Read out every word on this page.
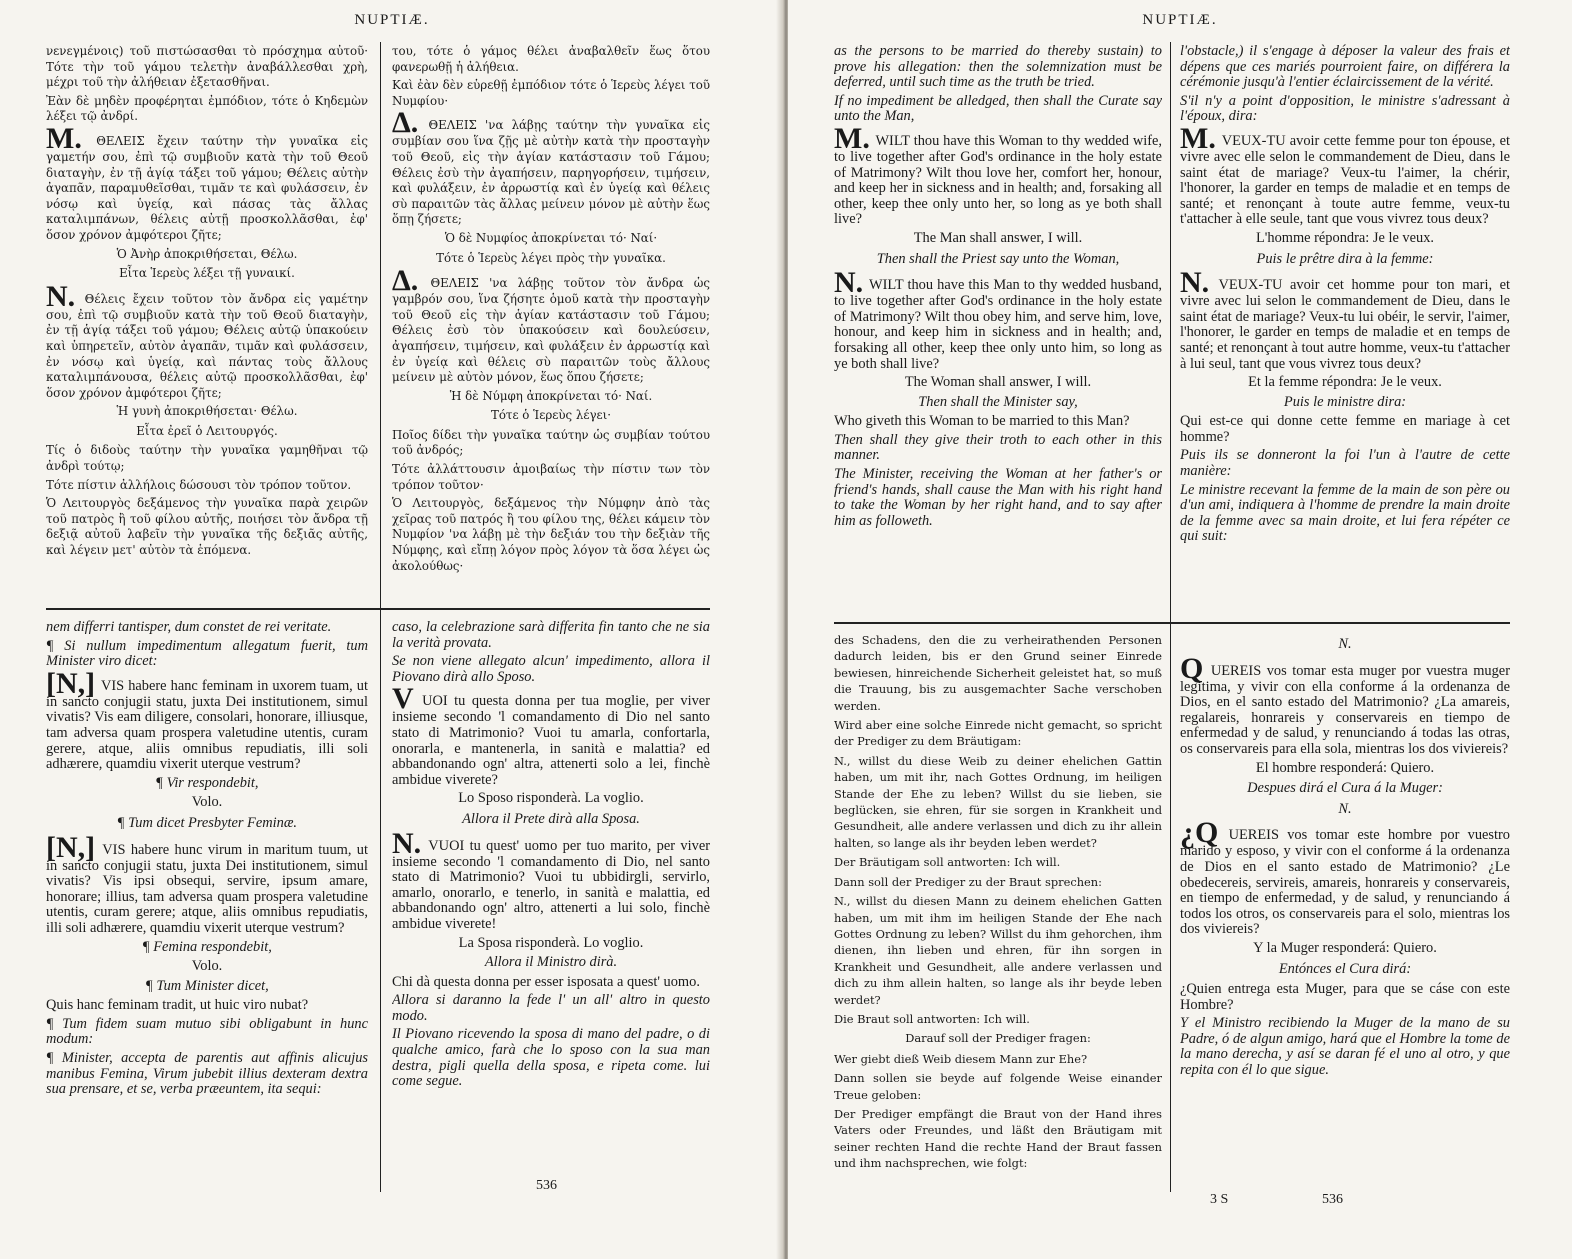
NUPTIÆ.
νενεγμένοις) τοῦ πιστώσασθαι τὸ πρόσχημα αὐτοῦ· Τότε τὴν τοῦ γάμου τελετὴν ἀναβάλλεσθαι χρὴ, μέχρι τοῦ τὴν ἀλήθειαν ἐξετασθῆναι.
Ἐὰν δὲ μηδὲν προφέρηται ἐμπόδιον, τότε ὁ Κηδεμὼν λέξει τῷ ἀνδρί.
Μ. ΘΕΛΕΙΣ ἔχειν ταύτην τὴν γυναῖκα εἰς γαμετήν σου, ἐπὶ τῷ συμβιοῦν κατὰ τὴν τοῦ Θεοῦ διαταγὴν, ἐν τῇ ἁγίᾳ τάξει τοῦ γάμου; Θέλεις αὐτὴν ἀγαπᾶν, παραμυθεῖσθαι, τιμᾶν τε καὶ φυλάσσειν, ἐν νόσῳ καὶ ὑγείᾳ, καὶ πάσας τὰς ἄλλας καταλιμπάνων, θέλεις αὐτῇ προσκολλᾶσθαι, ἐφ' ὅσον χρόνον ἀμφότεροι ζῆτε;
Ὁ Ἀνὴρ ἀποκριθήσεται, Θέλω.
Εἶτα Ἱερεὺς λέξει τῇ γυναικί.
Ν. Θέλεις ἔχειν τοῦτον τὸν ἄνδρα εἰς γαμέτην σου, ἐπὶ τῷ συμβιοῦν κατὰ τὴν τοῦ Θεοῦ διαταγὴν, ἐν τῇ ἁγίᾳ τάξει τοῦ γάμου; Θέλεις αὐτῷ ὑπακούειν καὶ ὑπηρετεῖν, αὐτὸν ἀγαπᾶν, τιμᾶν καὶ φυλάσσειν, ἐν νόσῳ καὶ ὑγείᾳ, καὶ πάντας τοὺς ἄλλους καταλιμπάνουσα, θέλεις αὐτῷ προσκολλᾶσθαι, ἐφ' ὅσον χρόνον ἀμφότεροι ζῆτε;
Ἡ γυνὴ ἀποκριθήσεται· Θέλω.
Εἶτα ἐρεῖ ὁ Λειτουργός.
Τίς ὁ διδοὺς ταύτην τὴν γυναῖκα γαμηθῆναι τῷ ἀνδρὶ τούτῳ;
Τότε πίστιν ἀλλήλοις δώσουσι τὸν τρόπον τοῦτον.
Ὁ Λειτουργὸς δεξάμενος τὴν γυναῖκα παρὰ χειρῶν τοῦ πατρὸς ἢ τοῦ φίλου αὐτῆς, ποιήσει τὸν ἄνδρα τῇ δεξιᾷ αὐτοῦ λαβεῖν τὴν γυναῖκα τῆς δεξιᾶς αὐτῆς, καὶ λέγειν μετ' αὐτὸν τὰ ἑπόμενα.
του, τότε ὁ γάμος θέλει ἀναβαλθεῖν ἕως ὅτου φανερωθῇ ἡ ἀλήθεια.
Καὶ ἐὰν δὲν εὑρεθῇ ἐμπόδιον τότε ὁ Ἱερεὺς λέγει τοῦ Νυμφίου·
Δ. ΘΕΛΕΙΣ 'να λάβῃς ταύτην τὴν γυναῖκα εἰς συμβίαν σου ἵνα ζῇς μὲ αὐτὴν κατὰ τὴν προσταγὴν τοῦ Θεοῦ, εἰς τὴν ἁγίαν κατάστασιν τοῦ Γάμου; Θέλεις ἐσὺ τὴν ἀγαπήσειν, παρηγορήσειν, τιμήσειν, καὶ φυλάξειν, ἐν ἀρρωστίᾳ καὶ ἐν ὑγείᾳ καὶ θέλεις σὺ παραιτῶν τὰς ἄλλας μείνειν μόνον μὲ αὐτὴν ἕως ὅπῃ ζήσετε;
Ὁ δὲ Νυμφίος ἀποκρίνεται τό· Ναί·
Τότε ὁ Ἱερεὺς λέγει πρὸς τὴν γυναῖκα.
Δ. ΘΕΛΕΙΣ 'να λάβῃς τοῦτον τὸν ἄνδρα ὡς γαμβρόν σου, ἵνα ζήσητε ὁμοῦ κατὰ τὴν προσταγὴν τοῦ Θεοῦ εἰς τὴν ἁγίαν κατάστασιν τοῦ Γάμου; Θέλεις ἐσὺ τὸν ὑπακούσειν καὶ δουλεύσειν, ἀγαπήσειν, τιμήσειν, καὶ φυλάξειν ἐν ἀρρωστίᾳ καὶ ἐν ὑγείᾳ καὶ θέλεις σὺ παραιτῶν τοὺς ἄλλους μείνειν μὲ αὐτὸν μόνον, ἕως ὅπου ζήσετε;
Ἡ δὲ Νύμφη ἀποκρίνεται τό· Ναί.
Τότε ὁ Ἱερεὺς λέγει·
Ποῖος δίδει τὴν γυναῖκα ταύτην ὡς συμβίαν τούτου τοῦ ἀνδρός;
Τότε ἀλλάττουσιν ἀμοιβαίως τὴν πίστιν των τὸν τρόπον τοῦτον·
Ὁ Λειτουργὸς, δεξάμενος τὴν Νύμφην ἀπὸ τὰς χεῖρας τοῦ πατρός ἢ του φίλου της, θέλει κάμειν τὸν Νυμφίον 'να λάβῃ μὲ τὴν δεξιάν του τὴν δεξιὰν τῆς Νύμφης, καὶ εἴπῃ λόγον πρὸς λόγον τὰ ὅσα λέγει ὡς ἀκολούθως·
nem differri tantisper, dum constet de rei veritate.
¶ Si nullum impedimentum allegatum fuerit, tum Minister viro dicet:
[N,] VIS habere hanc feminam in uxorem tuam, ut in sancto conjugii statu, juxta Dei institutionem, simul vivatis? Vis eam diligere, consolari, honorare, illiusque, tam adversa quam prospera valetudine utentis, curam gerere, atque, aliis omnibus repudiatis, illi soli adhærere, quamdiu vixerit uterque vestrum?
¶ Vir respondebit,
Volo.
¶ Tum dicet Presbyter Feminæ.
[N,] VIS habere hunc virum in maritum tuum, ut in sancto conjugii statu, juxta Dei institutionem, simul vivatis? Vis ipsi obsequi, servire, ipsum amare, honorare; illius, tam adversa quam prospera valetudine utentis, curam gerere; atque, aliis omnibus repudiatis, illi soli adhærere, quamdiu vixerit uterque vestrum?
¶ Femina respondebit,
Volo.
¶ Tum Minister dicet,
Quis hanc feminam tradit, ut huic viro nubat?
¶ Tum fidem suam mutuo sibi obligabunt in hunc modum:
¶ Minister, accepta de parentis aut affinis alicujus manibus Femina, Virum jubebit illius dexteram dextra sua prensare, et se, verba præeuntem, ita sequi:
caso, la celebrazione sarà differita fin tanto che ne sia la verità provata.
Se non viene allegato alcun' impedimento, allora il Piovano dirà allo Sposo.
V UOI tu questa donna per tua moglie, per viver insieme secondo 'l comandamento di Dio nel santo stato di Matrimonio? Vuoi tu amarla, confortarla, onorarla, e mantenerla, in sanità e malattia? ed abbandonando ogn' altra, attenerti solo a lei, finchè ambidue viverete?
Lo Sposo risponderà. La voglio.
Allora il Prete dirà alla Sposa.
N. VUOI tu quest' uomo per tuo marito, per viver insieme secondo 'l comandamento di Dio, nel santo stato di Matrimonio? Vuoi tu ubbidirgli, servirlo, amarlo, onorarlo, e tenerlo, in sanità e malattia, ed abbandonando ogn' altro, attenerti a lui solo, finchè ambidue viverete!
La Sposa risponderà. Lo voglio.
Allora il Ministro dirà.
Chi dà questa donna per esser isposata a quest' uomo.
Allora si daranno la fede l' un all' altro in questo modo.
Il Piovano ricevendo la sposa di mano del padre, o di qualche amico, farà che lo sposo con la sua man destra, pigli quella della sposa, e ripeta come. lui come segue.
536
NUPTIÆ.
as the persons to be married do thereby sustain) to prove his allegation: then the solemnization must be deferred, until such time as the truth be tried.
If no impediment be alledged, then shall the Curate say unto the Man,
M. WILT thou have this Woman to thy wedded wife, to live together after God's ordinance in the holy estate of Matrimony? Wilt thou love her, comfort her, honour, and keep her in sickness and in health; and, forsaking all other, keep thee only unto her, so long as ye both shall live?
The Man shall answer, I will.
Then shall the Priest say unto the Woman,
N. WILT thou have this Man to thy wedded husband, to live together after God's ordinance in the holy estate of Matrimony? Wilt thou obey him, and serve him, love, honour, and keep him in sickness and in health; and, forsaking all other, keep thee only unto him, so long as ye both shall live?
The Woman shall answer, I will.
Then shall the Minister say,
Who giveth this Woman to be married to this Man?
Then shall they give their troth to each other in this manner.
The Minister, receiving the Woman at her father's or friend's hands, shall cause the Man with his right hand to take the Woman by her right hand, and to say after him as followeth.
l'obstacle,) il s'engage à déposer la valeur des frais et dépens que ces mariés pourroient faire, on différera la cérémonie jusqu'à l'entier éclaircissement de la vérité.
S'il n'y a point d'opposition, le ministre s'adressant à l'époux, dira:
M. VEUX-TU avoir cette femme pour ton épouse, et vivre avec elle selon le commandement de Dieu, dans le saint état de mariage? Veux-tu l'aimer, la chérir, l'honorer, la garder en temps de maladie et en temps de santé; et renonçant à toute autre femme, veux-tu t'attacher à elle seule, tant que vous vivrez tous deux?
L'homme répondra: Je le veux.
Puis le prêtre dira à la femme:
N. VEUX-TU avoir cet homme pour ton mari, et vivre avec lui selon le commandement de Dieu, dans le saint état de mariage? Veux-tu lui obéir, le servir, l'aimer, l'honorer, le garder en temps de maladie et en temps de santé; et renonçant à tout autre homme, veux-tu t'attacher à lui seul, tant que vous vivrez tous deux?
Et la femme répondra: Je le veux.
Puis le ministre dira:
Qui est-ce qui donne cette femme en mariage à cet homme?
Puis ils se donneront la foi l'un à l'autre de cette manière:
Le ministre recevant la femme de la main de son père ou d'un ami, indiquera à l'homme de prendre la main droite de la femme avec sa main droite, et lui fera répéter ce qui suit:
des Schadens, den die zu verheirathenden Personen dadurch leiden, bis er den Grund seiner Einrede bewiesen, hinreichende Sicherheit geleistet hat, so muß die Trauung, bis zu ausgemachter Sache verschoben werden.
Wird aber eine solche Einrede nicht gemacht, so spricht der Prediger zu dem Bräutigam:
N., willst du diese Weib zu deiner ehelichen Gattin haben, um mit ihr, nach Gottes Ordnung, im heiligen Stande der Ehe zu leben? Willst du sie lieben, sie beglücken, sie ehren, für sie sorgen in Krankheit und Gesundheit, alle andere verlassen und dich zu ihr allein halten, so lange als ihr beyden leben werdet?
Der Bräutigam soll antworten: Ich will.
Dann soll der Prediger zu der Braut sprechen:
N., willst du diesen Mann zu deinem ehelichen Gatten haben, um mit ihm im heiligen Stande der Ehe nach Gottes Ordnung zu leben? Willst du ihm gehorchen, ihm dienen, ihn lieben und ehren, für ihn sorgen in Krankheit und Gesundheit, alle andere verlassen und dich zu ihm allein halten, so lange als ihr beyde leben werdet?
Die Braut soll antworten: Ich will.
Darauf soll der Prediger fragen:
Wer giebt dieß Weib diesem Mann zur Ehe?
Dann sollen sie beyde auf folgende Weise einander Treue geloben:
Der Prediger empfängt die Braut von der Hand ihres Vaters oder Freundes, und läßt den Bräutigam mit seiner rechten Hand die rechte Hand der Braut fassen und ihm nachsprechen, wie folgt:
N.
Q UEREIS vos tomar esta muger por vuestra muger legitima, y vivir con ella conforme á la ordenanza de Dios, en el santo estado del Matrimonio? ¿La amareis, regalareis, honrareis y conservareis en tiempo de enfermedad y de salud, y renunciando á todas las otras, os conservareis para ella sola, mientras los dos viviereis?
El hombre responderá: Quiero.
Despues dirá el Cura á la Muger:
N.
¿Q UEREIS vos tomar este hombre por vuestro marido y esposo, y vivir con el conforme á la ordenanza de Dios en el santo estado de Matrimonio? ¿Le obedecereis, servireis, amareis, honrareis y conservareis, en tiempo de enfermedad, y de salud, y renunciando á todos los otros, os conservareis para el solo, mientras los dos viviereis?
Y la Muger responderá: Quiero.
Entónces el Cura dirá:
¿Quien entrega esta Muger, para que se cáse con este Hombre?
Y el Ministro recibiendo la Muger de la mano de su Padre, ó de algun amigo, hará que el Hombre la tome de la mano derecha, y así se daran fé el uno al otro, y que repita con él lo que sigue.
3 S	536
